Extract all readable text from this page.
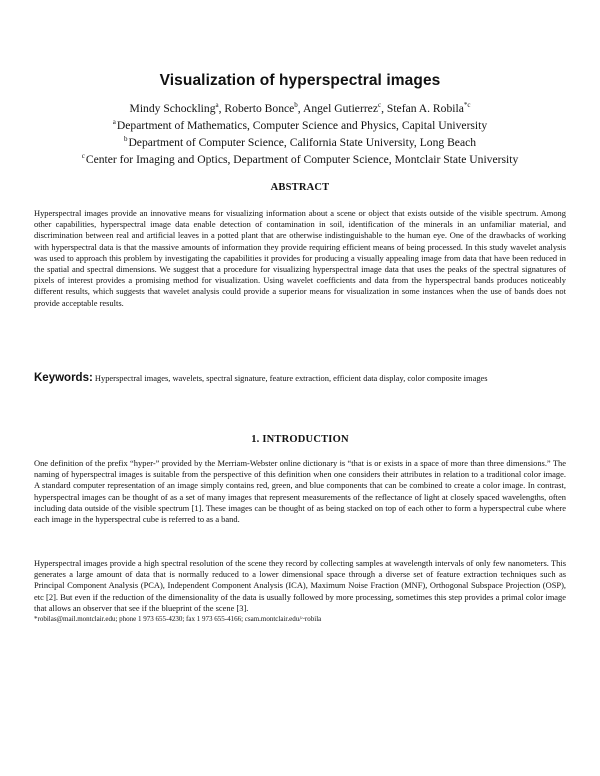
Visualization of hyperspectral images
Mindy Schockling$^a$, Roberto Bonce$^b$, Angel Gutierrez$^c$, Stefan A. Robila$^{*c}$
$^a$Department of Mathematics, Computer Science and Physics, Capital University
$^b$Department of Computer Science, California State University, Long Beach
$^c$Center for Imaging and Optics, Department of Computer Science, Montclair State University
ABSTRACT
Hyperspectral images provide an innovative means for visualizing information about a scene or object that exists outside of the visible spectrum. Among other capabilities, hyperspectral image data enable detection of contamination in soil, identification of the minerals in an unfamiliar material, and discrimination between real and artificial leaves in a potted plant that are otherwise indistinguishable to the human eye. One of the drawbacks of working with hyperspectral data is that the massive amounts of information they provide requiring efficient means of being processed. In this study wavelet analysis was used to approach this problem by investigating the capabilities it provides for producing a visually appealing image from data that have been reduced in the spatial and spectral dimensions. We suggest that a procedure for visualizing hyperspectral image data that uses the peaks of the spectral signatures of pixels of interest provides a promising method for visualization. Using wavelet coefficients and data from the hyperspectral bands produces noticeably different results, which suggests that wavelet analysis could provide a superior means for visualization in some instances when the use of bands does not provide acceptable results.
Keywords: Hyperspectral images, wavelets, spectral signature, feature extraction, efficient data display, color composite images
1. INTRODUCTION
One definition of the prefix “hyper-” provided by the Merriam-Webster online dictionary is “that is or exists in a space of more than three dimensions.” The naming of hyperspectral images is suitable from the perspective of this definition when one considers their attributes in relation to a traditional color image. A standard computer representation of an image simply contains red, green, and blue components that can be combined to create a color image. In contrast, hyperspectral images can be thought of as a set of many images that represent measurements of the reflectance of light at closely spaced wavelengths, often including data outside of the visible spectrum [1]. These images can be thought of as being stacked on top of each other to form a hyperspectral cube where each image in the hyperspectral cube is referred to as a band.
Hyperspectral images provide a high spectral resolution of the scene they record by collecting samples at wavelength intervals of only few nanometers. This generates a large amount of data that is normally reduced to a lower dimensional space through a diverse set of feature extraction techniques such as Principal Component Analysis (PCA), Independent Component Analysis (ICA), Maximum Noise Fraction (MNF), Orthogonal Subspace Projection (OSP), etc [2]. But even if the reduction of the dimensionality of the data is usually followed by more processing, sometimes this step provides a primal color image that allows an observer that see if the blueprint of the scene [3].
*robilas@mail.montclair.edu; phone 1 973 655-4230; fax 1 973 655-4166; csam.montclair.edu/~robila
